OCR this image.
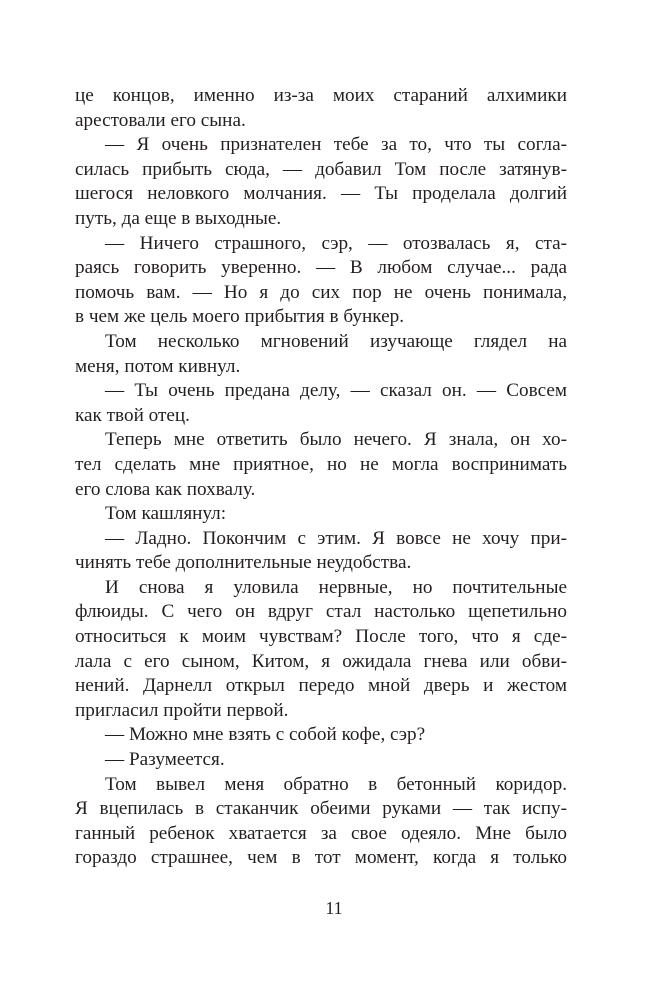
це концов, именно из-за моих стараний алхимики
арестовали его сына.
— Я очень признателен тебе за то, что ты согла-
силась прибыть сюда, — добавил Том после затянув-
шегося неловкого молчания. — Ты проделала долгий
путь, да еще в выходные.
— Ничего страшного, сэр, — отозвалась я, ста-
раясь говорить уверенно. — В любом случае... рада
помочь вам. — Но я до сих пор не очень понимала,
в чем же цель моего прибытия в бункер.
Том несколько мгновений изучающе глядел на
меня, потом кивнул.
— Ты очень предана делу, — сказал он. — Совсем
как твой отец.
Теперь мне ответить было нечего. Я знала, он хо-
тел сделать мне приятное, но не могла воспринимать
его слова как похвалу.
Том кашлянул:
— Ладно. Покончим с этим. Я вовсе не хочу при-
чинять тебе дополнительные неудобства.
И снова я уловила нервные, но почтительные
флюиды. С чего он вдруг стал настолько щепетильно
относиться к моим чувствам? После того, что я сде-
лала с его сыном, Китом, я ожидала гнева или обви-
нений. Дарнелл открыл передо мной дверь и жестом
пригласил пройти первой.
— Можно мне взять с собой кофе, сэр?
— Разумеется.
Том вывел меня обратно в бетонный коридор.
Я вцепилась в стаканчик обеими руками — так испу-
ганный ребенок хватается за свое одеяло. Мне было
гораздо страшнее, чем в тот момент, когда я только
11
